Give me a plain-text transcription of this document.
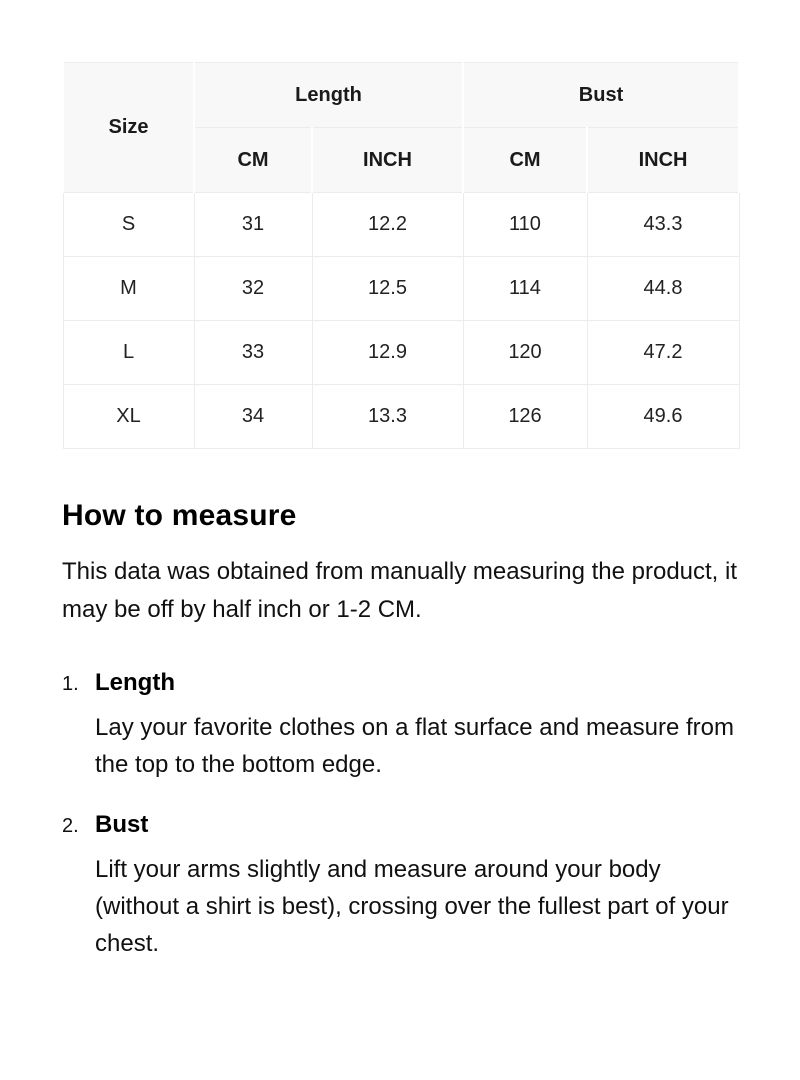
Size	Length		Bust	
	CM	INCH	CM	INCH
S	31	12.2	110	43.3
M	32	12.5	114	44.8
L	33	12.9	120	47.2
XL	34	13.3	126	49.6
How to measure

This data was obtained from manually measuring the product, it may be off by half inch or 1-2 CM.

1. Length
Lay your favorite clothes on a flat surface and measure from the top to the bottom edge.
2. Bust
Lift your arms slightly and measure around your body (without a shirt is best), crossing over the fullest part of your chest.
